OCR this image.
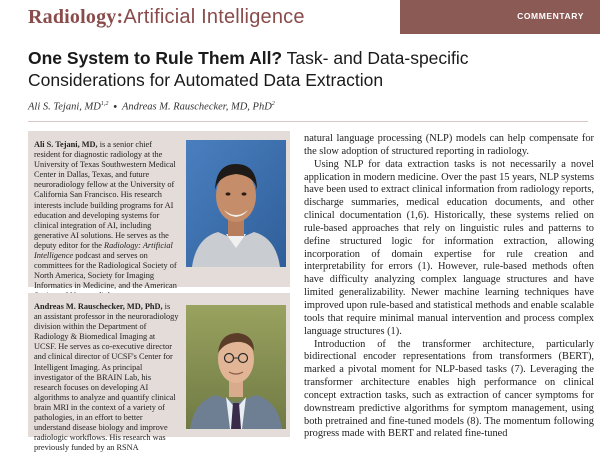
Radiology:Artificial Intelligence	COMMENTARY
One System to Rule Them All? Task- and Data-specific Considerations for Automated Data Extraction
Ali S. Tejani, MD$^{1,2}$ • Andreas M. Rauschecker, MD, PhD$^2$
Ali S. Tejani, MD, is a senior chief resident for diagnostic radiology at the University of Texas Southwestern Medical Center in Dallas, Texas, and future neuroradiology fellow at the University of California San Francisco. His research interests include building programs for AI education and developing systems for clinical integration of AI, including generative AI solutions. He serves as the deputy editor for the Radiology: Artificial Intelligence podcast and serves on committees for the Radiological Society of North America, Society for Imaging Informatics in Medicine, and the American
Andreas M. Rauschecker, MD, PhD, is an assistant professor in the neuroradiology division within the Department of Radiology & Biomedical Imaging at UCSF. He serves as co-executive director and clinical director of UCSF's Center for Intelligent Imaging. As principal investigator of the BRAIN Lab, his research focuses on developing AI algorithms to analyze and quantify clinical brain MRI in the context of a variety of pathologies, in an effort to better understand disease biology and improve radiologic workflows. His research was previously funded by an RSNA

natural language processing (NLP) models can help compensate for the slow adoption of structured reporting in radiology.

Using NLP for data extraction tasks is not necessarily a novel application in modern medicine. Over the past 15 years, NLP systems have been used to extract clinical information from radiology reports, discharge summaries, medical education documents, and other clinical documentation (1,6). Historically, these systems relied on rule-based approaches that rely on linguistic rules and patterns to define structured logic for information extraction, allowing incorporation of domain expertise for rule creation and interpretability for errors (1). However, rule-based methods often have difficulty analyzing complex language structures and have limited generalizability. Newer machine learning techniques have improved upon rule-based and statistical methods and enable scalable tools that require minimal manual intervention and process complex language structures (1).

Introduction of the transformer architecture, particularly bidirectional encoder representations from transformers (BERT), marked a pivotal moment for NLP-based tasks (7). Leveraging the transformer architecture enables high performance on clinical concept extraction tasks, such as extraction of cancer symptoms for downstream predictive algorithms for symptom management, using both pretrained and fine-tuned models (8). The momentum following progress made with BERT and related fine-tuned
